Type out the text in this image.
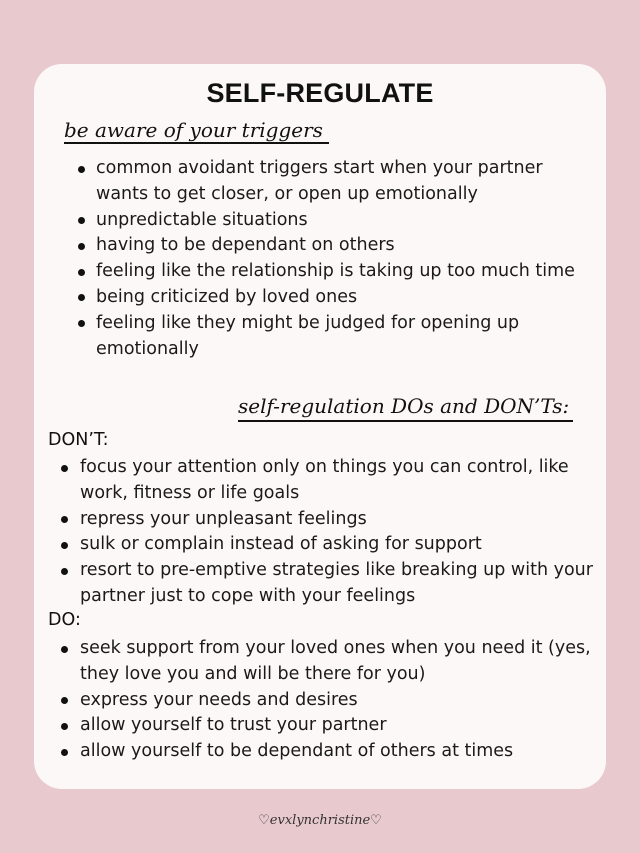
SELF-REGULATE
be aware of your triggers
common avoidant triggers start when your partner wants to get closer, or open up emotionally
unpredictable situations
having to be dependant on others
feeling like the relationship is taking up too much time
being criticized by loved ones
feeling like they might be judged for opening up emotionally
self-regulation DOs and DON’Ts:
DON’T:
focus your attention only on things you can control, like work, fitness or life goals
repress your unpleasant feelings
sulk or complain instead of asking for support
resort to pre-emptive strategies like breaking up with your partner just to cope with your feelings
DO:
seek support from your loved ones when you need it (yes, they love you and will be there for you)
express your needs and desires
allow yourself to trust your partner
allow yourself to be dependant of others at times
♡evxlynchristine♡
